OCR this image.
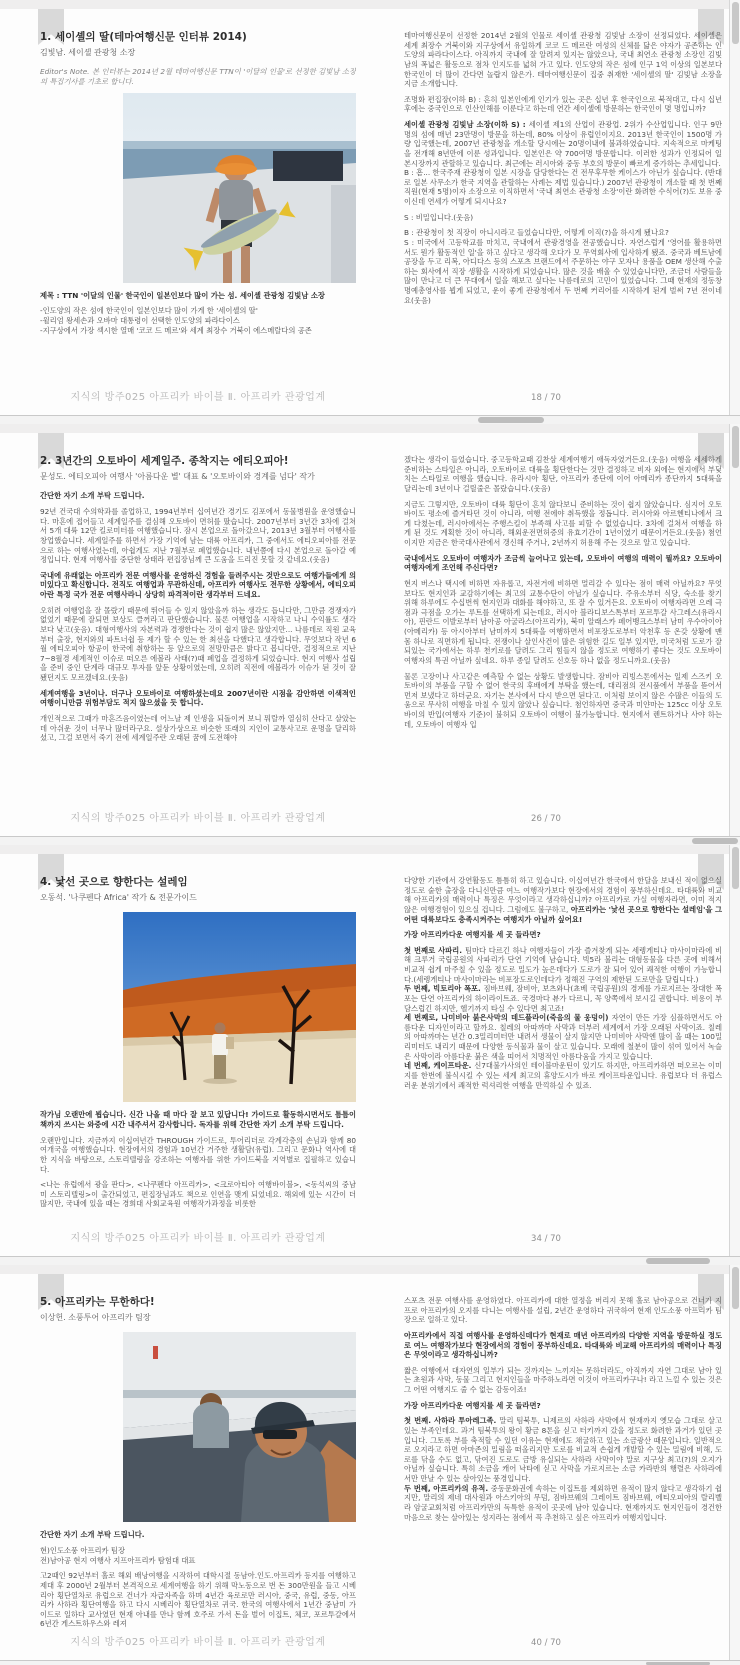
1. 세이셸의 딸(테마여행신문 인터뷰 2014)
김빛남. 세이셸 관광청 소장

Editor's Note. 본 인터뷰는 2014년 2월 테마여행신문 TTN이 '이달의 인물'로 선정한 김빛남 소장의 특집기사를 기초로 합니다.

제목 : TTN '이달의 인물' 한국인이 일본인보다 많이 가는 섬. 세이셸 관광청 김빛남 소장

-인도양의 작은 섬에 한국인이 일본인보다 많이 가게 한 '세이셸의 딸'

-윌리엄 왕세손과 오바마 대통령이 선택한 인도양의 파라다이스

-지구상에서 가장 섹시한 열매 '코코 드 메르'와 세계 최장수 거북이 에스메랄다의 공존

테마여행신문이 선정한 2014년 2월의 인물로 세이셸 관광청 김빛남 소장이 선정되었다. 세이셸은 세계 최장수 거북이와 지구상에서 유일하게 코코 드 메르란 여성의 신체를 닮은 야자가 공존하는 인도양의 파라다이스다. 아직까지 국내에 잘 알려져 있지는 않았으나, 국내 최연소 관광청 소장인 김빛남의 폭넓은 활동으로 점차 인지도를 넓혀 가고 있다. 인도양의 작은 섬에 인구 1억 이상의 일본보다 한국인이 더 많이 간다면 놀랍지 않은가. 테마여행신문이 집중 취재한 '세이셸의 딸' 김빛남 소장을 지금 소개합니다.

조명화 편집장(이하 B) : 흔히 일본인에게 인기가 있는 곳은 십년 후 한국인으로 북적대고, 다시 십년 후에는 중국인으로 인산인해를 이룬다고 하는데 연간 세이셸에 방문하는 한국인이 몇 명입니까?

세이셸 관광청 김빛남 소장(이하 S) : 세이셸 제1의 산업이 관광업. 2위가 수산업입니다. 인구 9만명의 섬에 매년 23만명이 방문을 하는데, 80% 이상이 유럽인이지요. 2013년 한국인이 1500명 가량 입국했는데, 2007년 관광청을 개소할 당시에는 20명이내에 불과하였습니다. 지속적으로 마케팅을 전개해 8년만에 이룬 성과입니다. 일본인은 약 700여명 방문합니다. 이러한 성과가 인정되어 일본시장까지 관할하고 있습니다. 최근에는 러시아와 중동 부호의 방문이 빠르게 증가하는 추세입니다.

B : 흠... 한국주재 관광청이 일본 시장을 담당한다는 건 전무후무한 케이스가 아닌가 싶습니다. (반대로 일본 사무소가 한국 지역을 관할하는 사례는 제법 있습니다.) 2007년 관광청이 개소할 때 첫 번째 직원(현재 5명)이자 소장으로 이직하면서 '국내 최연소 관광청 소장'이란 화려한 수식어(?)도 보유 중이신데 연세가 어떻게 되시나요?

S : 비밀입니다.(웃음)

B : 관광청이 첫 직장이 아니시라고 들었습니다만, 어떻게 이직(?)을 하시게 됐나요?

S : 미국에서 고등학교를 마치고, 국내에서 관광경영을 전공했습니다. 자연스럽게 '영어를 활용하면서도 뭔가 활동적인 일'을 하고 싶다고 생각해 오다가 모 무역회사에 입사하게 됐죠. 중국과 베트남에 공장을 두고 리복, 아디다스 등의 스포츠 브랜드에서 주문하는 야구 모자나 용품을 OEM 생산해 수출하는 회사에서 직장 생활을 시작하게 되었습니다. 많은 것을 배울 수 있었습니다만, 조금더 사람들을 많이 만나고 더 큰 무대에서 일을 해보고 싶다는 나름데로의 고민이 있었습니다. 그때 현재의 정동창 명예총영사를 뵙게 되었고, 운이 좋게 관광청에서 두 번째 커리어를 시작하게 된게 벌써 7년 전이네요(웃음)

지식의 방주025 아프리카 바이블 Ⅱ. 아프리카 관광업계	18 / 70
2. 3년간의 오토바이 세계일주. 종착지는 에티오피아!
문성도. 에티오피아 여행사 '아름다운 별' 대표 & '오토바이와 경계를 넘다' 작가

간단한 자기 소개 부탁 드립니다.

92년 건국대 수의학과를 졸업하고, 1994년부터 십여년간 경기도 김포에서 동물병원을 운영했습니다. 마흔에 접어들고 세계일주를 결심해 오토바이 면허를 땄습니다. 2007년부터 3년간 3차에 걸쳐서 5개 대륙 12만 킬로미터를 여행했습니다. 잠시 본업으로 돌아갔으나, 2013년 3월부터 여행사를 창업했습니다. 세계일주를 하면서 가장 기억에 남는 대륙 아프리카, 그 중에서도 에티오피아를 전문으로 하는 여행사였는데, 아쉽게도 지난 7월부로 폐업했습니다. 내년쯤에 다시 본업으로 돌아갈 예정입니다. 현재 여행사를 중단한 상태라 편집장님께 큰 도움을 드리진 못할 것 같네요.(웃음)

국내에 유래없는 아프리카 전문 여행사를 운영하신 경험을 들려주시는 것만으로도 여행가들에게 의미있다고 확신합니다. 전직도 여행업과 무관하신데, 아프리카 여행사도 전무한 상황에서, 에티오피아란 특정 국가 전문 여행사라니 상당히 파격적이란 생각부터 드네요.

오히려 여행업을 잘 몰랐기 때문에 뛰어들 수 있지 않았을까 하는 생각도 듭니다만, 그만큼 경쟁자가 없었기 때문에 잘되면 보상도 클꺼라고 판단했습니다. 물론 여행업을 시작하고 나니 수익률도 생각보다 낮고(웃음). 대형여행사의 자본력과 경쟁한다는 것이 쉽지 많은 않았지만... 나름데로 직원 교육부터 출장, 현지와의 파트너쉽 등 제가 할 수 있는 한 최선을 다했다고 생각합니다. 무엇보다 작년 6월 에티오피아 항공이 한국에 취항하는 등 앞으로의 전망만큼은 밝다고 봅니다만, 결정적으로 지난 7~8월경 세계적인 이슈로 떠오른 에볼라 사태(?)때 폐업을 결정하게 되었습니다. 현지 여행사 설립을 준비 중인 단계라 대규모 투자를 앞둔 상황이였는데, 오히려 직전에 에볼라가 이슈가 된 것이 잘 됐던지도 모르겠네요.(웃음)

세계여행을 3년이나. 더구나 오토바이로 여행하셨는데요 2007년이란 시점을 감안하면 이색적인 여행이니만큼 위험부담도 적지 않으셨을 듯 합니다.

개인적으로 그때가 마흔즈음이였는데 어느날 제 인생을 되돌이켜 보니 뭐랄까 열심히 산다고 살았는데 아쉬운 것이 너무나 많더라구요. 설상가상으로 비슷한 또래의 지인이 교통사고로 운명을 달리하셨고, 그걸 보면서 죽기 전에 세계일주란 오래된 꿈에 도전해야

겠다는 생각이 들었습니다. 중고등학교때 김찬삼 세계여행기 애독자였거든요.(웃음) 여행을 세세하게 준비하는 스타일은 아니라, 오토바이로 대륙을 횡단한다는 것만 결정하고 비자 외에는 현지에서 부딪치는 스타일로 여행을 했습니다. 유라시아 횡단, 아프리카 종단에 이어 아메리카 종단까지 5대륙을 달리는데 3년이나 걸릴줄은 몰랐습니다.(웃음)

지금도 그렇지만, 오토바이 대륙 횡단이 흔치 않다보니 준비하는 것이 쉽지 않았습니다. 심지어 오토바이도 평소에 즐겨타던 것이 아니라, 여행 전에야 취득했을 정돕니다. 러시아와 아르헨티나에서 크게 다쳤는데, 러시아에서는 주행스킬이 부족해 사고를 피할 수 없었습니다. 3차에 걸쳐서 여행을 하게 된 것도 계획한 것이 아니라, 해외운전면허증의 유효기간이 1년이였기 때문이거든요.(웃음) 첨언이지만 지금은 한국대사관에서 갱신해 주거나, 2년까지 허용해 주는 것으로 알고 있습니다.

국내에서도 오토바이 여행자가 조금씩 늘어나고 있는데, 오토바이 여행의 매력이 뭘까요? 오토바이 여행자에게 조언해 주신다면?

현지 버스나 택시에 비하면 자유롭고, 자전거에 비하면 멀리갈 수 있다는 점이 매력 아닐까요? 무엇보다도 현지인과 교감하기에는 최고의 교통수단이 아닐가 싶습니다. 주유소부터 식당, 숙소를 찾기 위해 하루에도 수십번씩 현지인과 대화를 해야하고, 또 잘 수 있거든요. 오토바이 여행자라면 으레 극점과 극점을 오가는 루트를 선택하게 되는데요, 러시아 블라디보스톡부터 포르투갈 사그레스(유라시아), 핀란드 이발로부터 남아공 아굴라스(아프리카), 북미 알래스카 페어뱅크스부터 남미 우수아이아(아메리카) 등 아시아부터 남미까지 5대륙을 여행하면서 비포장도로부터 악천후 등 온갖 상황에 맨 몸 하나로 직면하게 됩니다. 전쟁이나 살인사건이 많은 위험한 길도 일부 있지만, 미국처럼 도로가 잘되있는 국가에서는 하루 천키로를 달려도 그리 힘들지 않을 정도로 여행하기 좋다는 것도 오토바이 여행자의 특권 아닐까 싶네요. 하루 종일 달려도 신호등 하나 없을 정도니까요.(웃음)

물론 고장이나 사고같은 예측할 수 없는 상황도 발생합니다. 잠비아 리빙스톤에서는 일제 스즈키 오토바이의 부품을 구할 수 없어 한국의 후배에게 부탁을 했는데, 대리점의 전시품에서 부품을 뜯어서 먼저 보냈다고 하더군요. 자기는 본사에서 다시 받으면 된다고. 이처럼 보이지 않은 수많은 이들의 도움으로 무사히 여행을 마칠 수 있지 않았나 싶습니다. 첨언하자면 중국과 미얀마는 125cc 이상 오토바이의 반입(여행자 기준)이 불허되 오토바이 여행이 불가능합니다. 현지에서 렌트하거나 사야 하는데, 오토바이 여행자 입

지식의 방주025 아프리카 바이블 Ⅱ. 아프리카 관광업계	26 / 70
4. 낯선 곳으로 향한다는 설레임
오동석. '나쿠펜다 Africa' 작가 & 전문가이드

작가님 오랜만에 뵙습니다. 신간 나올 때 마다 잘 보고 있답니다! 가이드로 활동하시면서도 틈틈이 책까지 쓰시는 와중에 시간 내주셔서 감사합니다. 독자를 위해 간단한 자기 소개 부탁 드립니다.

오랜만입니다. 지금까지 이십여년간 THROUGH 가이드로, 투어리더로 각계각층의 손님과 함께 80여개국을 여행했습니다. 현장에서의 경험과 10년간 거주한 생활담(유럽). 그리고 문화나 역사에 대한 지식을 바탕으로, 스토리텔링을 강조하는 여행자를 위한 가이드북을 지역별로 집필하고 있습니다.

<나는 유럽에서 광을 판다>, <나쿠펜다 아프리카>, <크로아티아 여행바이블>, <동석씨의 중남미 스토리텔링>이 출간되었고, 편집장님과도 책으로 인연을 맺게 되었네요. 해외에 있는 시간이 더 많지만, 국내에 있을 때는 경희대 사회교육원 여행작가과정을 비롯한

다양한 기관에서 강연활동도 틈틈히 하고 있습니다. 이십여년간 한국에서 한달을 보내신 적이 없으실 정도로 숱한 출장을 다니신만큼 여느 여행작가보다 현장에서의 경험이 풍부하신데요. 타대륙와 비교해 아프리카의 매력이나 특징은 무엇이라고 생각하십니까? 아프리카로 가실 여행자라면, 이미 적지 않은 여행경험이 있으실 겁니다. 그럼에도 불구하고, 아프리카는 '낯선 곳으로 향한다는 설레임'을 그 어떤 대륙보다도 충족시켜주는 여행지가 아닐까 싶어요!

가장 아프리카다운 여행지를 세 곳 들라면?

첫 번째로 사파리. 팀마다 다르긴 하나 여행자들이 가장 즐겨찾게 되는 세렝게티나 마사이마라에 비해 크루거 국립공원의 사파리가 단연 기억에 남습니다. 빅5라 불리는 대형동물을 다른 곳에 비해서 비교적 쉽게 마주칠 수 있을 정도로 밀도가 높은데다가 도로가 잘 되어 있어 쾌적한 여행이 가능합니다.(세렝게티나 마사이마라는 비포장도로인데다가 정해진 구역의 제한된 도로만을 달립니다.)

두 번째, 빅토리아 폭포. 짐바브웨, 잠비아, 보츠와나(쵸베 국립공원)의 경계를 가로지르는 장대한 폭포는 단연 아프리카의 하이라이트죠. 국경마다 뷰가 다르니, 꼭 양쪽에서 보시길 권합니다. 비용이 부담스럽긴 하지만, 헬기까지 타실 수 있다면 최고죠!

세 번째로, 나미비아 붉은사막의 데드플라이(죽음의 물 웅덩이) 자연이 만든 가장 심플하면서도 아름다운 디자인이라고 할까요. 칠레의 아따까마 사막과 더부러 세계에서 가장 오래된 사막이죠. 칠레의 아따까마는 년간 0.3밀리미터만 내려서 생물이 살지 않지만 나미비아 사막엔 많이 올 때는 100밀리미터도 내리기 때문에 다양한 동식물과 물이 살고 있습니다. 모래에 철분이 많이 섞여 있어서 녹슬은 사막이라 아름다운 붉은 색을 띠어서 치명적인 아름다움을 가지고 있습니다.

네 번째, 케이프타운. 신7대불가사의인 테이블마운틴이 있기도 하지만, 아프리카하면 떠오르는 이미지를 한번에 불식시킬 수 있는 세계 최고의 휴양도시가 바로 케이프타운입니다. 유럽보다 더 유럽스러운 분위기에서 쾌적한 럭셔리한 여행을 만끽하실 수 있죠.

지식의 방주025 아프리카 바이블 Ⅱ. 아프리카 관광업계	34 / 70
5. 아프리카는 무한하다!
이상헌. 소풍투어 아프리카 팀장

간단한 자기 소개 부탁 드립니다.

현)인도소풍 아프리카 팀장

전)남아공 현지 여행사 지프아프리카 탐험대 대표

고2때인 92년부터 홀로 해외 배낭여행을 시작하여 대학시절 동남아.인도.아프리카 등지를 여행하고 제대 후 2000년 2월부터 본격적으로 세계여행을 하기 위해 막노동으로 번 돈 300만원을 들고 시베리아 횡단열차로 유럽으로 건너가 자급자족을 하며 4년간 육로로만 러시아, 중국, 유럽, 중동, 아프리카 사하라 횡단여행을 하고 다시 시베리아 횡단열차로 귀국. 한국의 여행사에서 1년간 중남미 가이드로 일하다 교사였던 현재 아내를 만나 함께 호주로 가서 돈을 벌어 이집트, 체코, 포르투갈에서 6년간 게스트하우스와 레져

스포츠 전문 여행사를 운영하였다. 아프리카에 대한 열정을 버리지 못해 홀로 남아공으로 건너가 지프로 아프리카의 오지를 다니는 여행사를 설립, 2년간 운영하다 귀국하여 현재 인도소풍 아프리카 팀장으로 일하고 있다.

아프리카에서 직접 여행사를 운영하신데다가 현재로 매년 아프리카의 다양한 지역을 방문하실 정도로 여느 여행작가보다 현장에서의 경험이 풍부하신데요. 타대륙와 비교해 아프리카의 매력이나 특징은 무엇이라고 생각하십니까?

짧은 여행에서 대자연의 일부가 되는 것까지는 느끼지는 못하더라도, 아직까지 자연 그대로 남아 있는 초원과 사막, 동물 그리고 현지인들을 마주하노라면 이것이 아프리카구나! 라고 느낄 수 있는 것은 그 어떤 여행지도 줄 수 없는 감동이죠!

가장 아프리카다운 여행지를 세 곳 들라면?

첫 번째. 사하라 투아레그족. 말리 팀북투, 니제르의 사하라 사막에서 현재까지 옛모습 그대로 살고 있는 부족인데요. 과거 팀북투의 왕이 황금 8톤을 싣고 터키까지 갔을 정도로 화려한 과거가 있던 곳입니다. 그토록 부를 축적할 수 있던 이유는 현재에도 채굴하고 있는 소금광산 때문입니다. 일반적으로 오지라고 하면 아마존의 밀림을 떠올리지만 도로를 비교적 손쉽게 개발할 수 있는 밀림에 비해, 도로를 닦을 수도 없고, 닦여진 도로도 금방 유실되는 사하라 사막이야 말로 지구상 최고(?)의 오지가 아닐까 싶습니다. 특히 소금을 캐어 낙타에 싣고 사막을 가로지르는 소금 카라반의 행렬은 사하라에서만 만날 수 있는 살아있는 풍경입니다.

두 번째, 아프리카의 유적. 중동문화권에 속하는 이집트를 제외하면 유적이 많지 않다고 생각하기 쉽지만, 말리의 제네 대사원과 아스키아의 무덤, 짐바브웨의 그레이트 짐바브웨, 에티오피아의 랄리벨라 암굴교회처럼 아프리카만의 독특한 유적이 곳곳에 남아 있습니다. 현재까지도 현지인들이 경건한 마음으로 찾는 살아있는 성지라는 점에서 꼭 추천하고 싶은 아프리카 여행지입니다.

지식의 방주025 아프리카 바이블 Ⅱ. 아프리카 관광업계	40 / 70
